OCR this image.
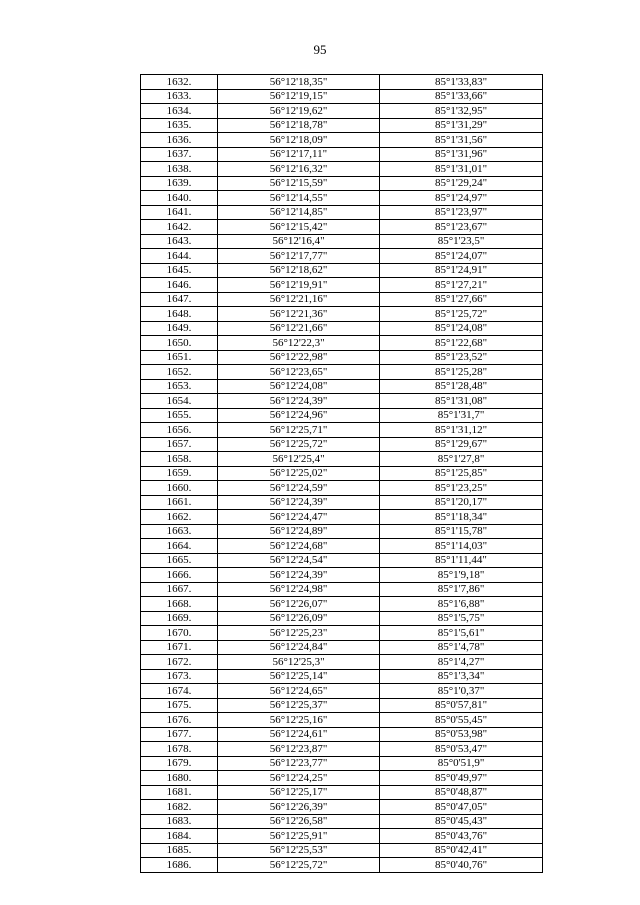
95
1632.	56°12'18,35"	85°1'33,83"
1633.	56°12'19,15"	85°1'33,66"
1634.	56°12'19,62"	85°1'32,95"
1635.	56°12'18,78"	85°1'31,29"
1636.	56°12'18,09"	85°1'31,56"
1637.	56°12'17,11"	85°1'31,96"
1638.	56°12'16,32"	85°1'31,01"
1639.	56°12'15,59"	85°1'29,24"
1640.	56°12'14,55"	85°1'24,97"
1641.	56°12'14,85"	85°1'23,97"
1642.	56°12'15,42"	85°1'23,67"
1643.	56°12'16,4"	85°1'23,5"
1644.	56°12'17,77"	85°1'24,07"
1645.	56°12'18,62"	85°1'24,91"
1646.	56°12'19,91"	85°1'27,21"
1647.	56°12'21,16"	85°1'27,66"
1648.	56°12'21,36"	85°1'25,72"
1649.	56°12'21,66"	85°1'24,08"
1650.	56°12'22,3"	85°1'22,68"
1651.	56°12'22,98"	85°1'23,52"
1652.	56°12'23,65"	85°1'25,28"
1653.	56°12'24,08"	85°1'28,48"
1654.	56°12'24,39"	85°1'31,08"
1655.	56°12'24,96"	85°1'31,7"
1656.	56°12'25,71"	85°1'31,12"
1657.	56°12'25,72"	85°1'29,67"
1658.	56°12'25,4"	85°1'27,8"
1659.	56°12'25,02"	85°1'25,85"
1660.	56°12'24,59"	85°1'23,25"
1661.	56°12'24,39"	85°1'20,17"
1662.	56°12'24,47"	85°1'18,34"
1663.	56°12'24,89"	85°1'15,78"
1664.	56°12'24,68"	85°1'14,03"
1665.	56°12'24,54"	85°1'11,44"
1666.	56°12'24,39"	85°1'9,18"
1667.	56°12'24,98"	85°1'7,86"
1668.	56°12'26,07"	85°1'6,88"
1669.	56°12'26,09"	85°1'5,75"
1670.	56°12'25,23"	85°1'5,61"
1671.	56°12'24,84"	85°1'4,78"
1672.	56°12'25,3"	85°1'4,27"
1673.	56°12'25,14"	85°1'3,34"
1674.	56°12'24,65"	85°1'0,37"
1675.	56°12'25,37"	85°0'57,81"
1676.	56°12'25,16"	85°0'55,45"
1677.	56°12'24,61"	85°0'53,98"
1678.	56°12'23,87"	85°0'53,47"
1679.	56°12'23,77"	85°0'51,9"
1680.	56°12'24,25"	85°0'49,97"
1681.	56°12'25,17"	85°0'48,87"
1682.	56°12'26,39"	85°0'47,05"
1683.	56°12'26,58"	85°0'45,43"
1684.	56°12'25,91"	85°0'43,76"
1685.	56°12'25,53"	85°0'42,41"
1686.	56°12'25,72"	85°0'40,76"
